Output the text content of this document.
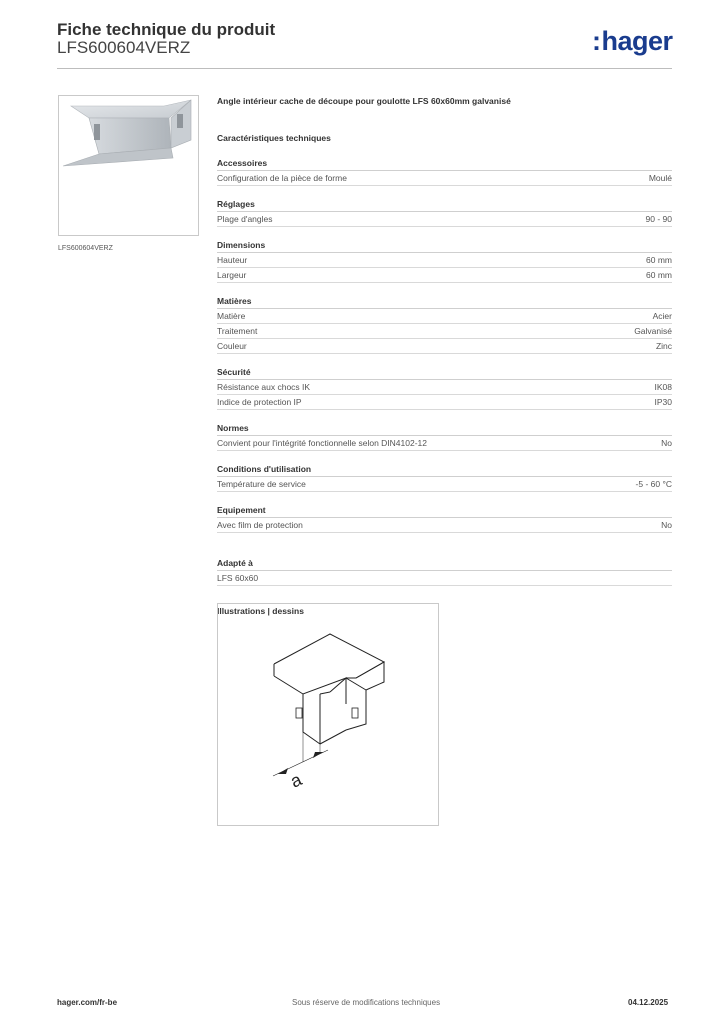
Fiche technique du produit
LFS600604VERZ	:hager
LFS600604VERZ

Angle intérieur cache de découpe pour goulotte LFS 60x60mm galvanisé

Caractéristiques techniques
Accessoires
Configuration de la pièce de forme	Moulé
Réglages
Plage d'angles	90 - 90
Dimensions
Hauteur	60 mm
Largeur	60 mm
Matières
Matière	Acier
Traitement	Galvanisé
Couleur	Zinc
Sécurité
Résistance aux chocs IK	IK08
Indice de protection IP	IP30
Normes
Convient pour l'intégrité fonctionnelle selon DIN4102-12	No
Conditions d'utilisation
Température de service	-5 - 60 °C
Equipement
Avec film de protection	No
Adapté à
LFS 60x60
Illustrations | dessins
a
hager.com/fr-be	Sous réserve de modifications techniques	04.12.2025
